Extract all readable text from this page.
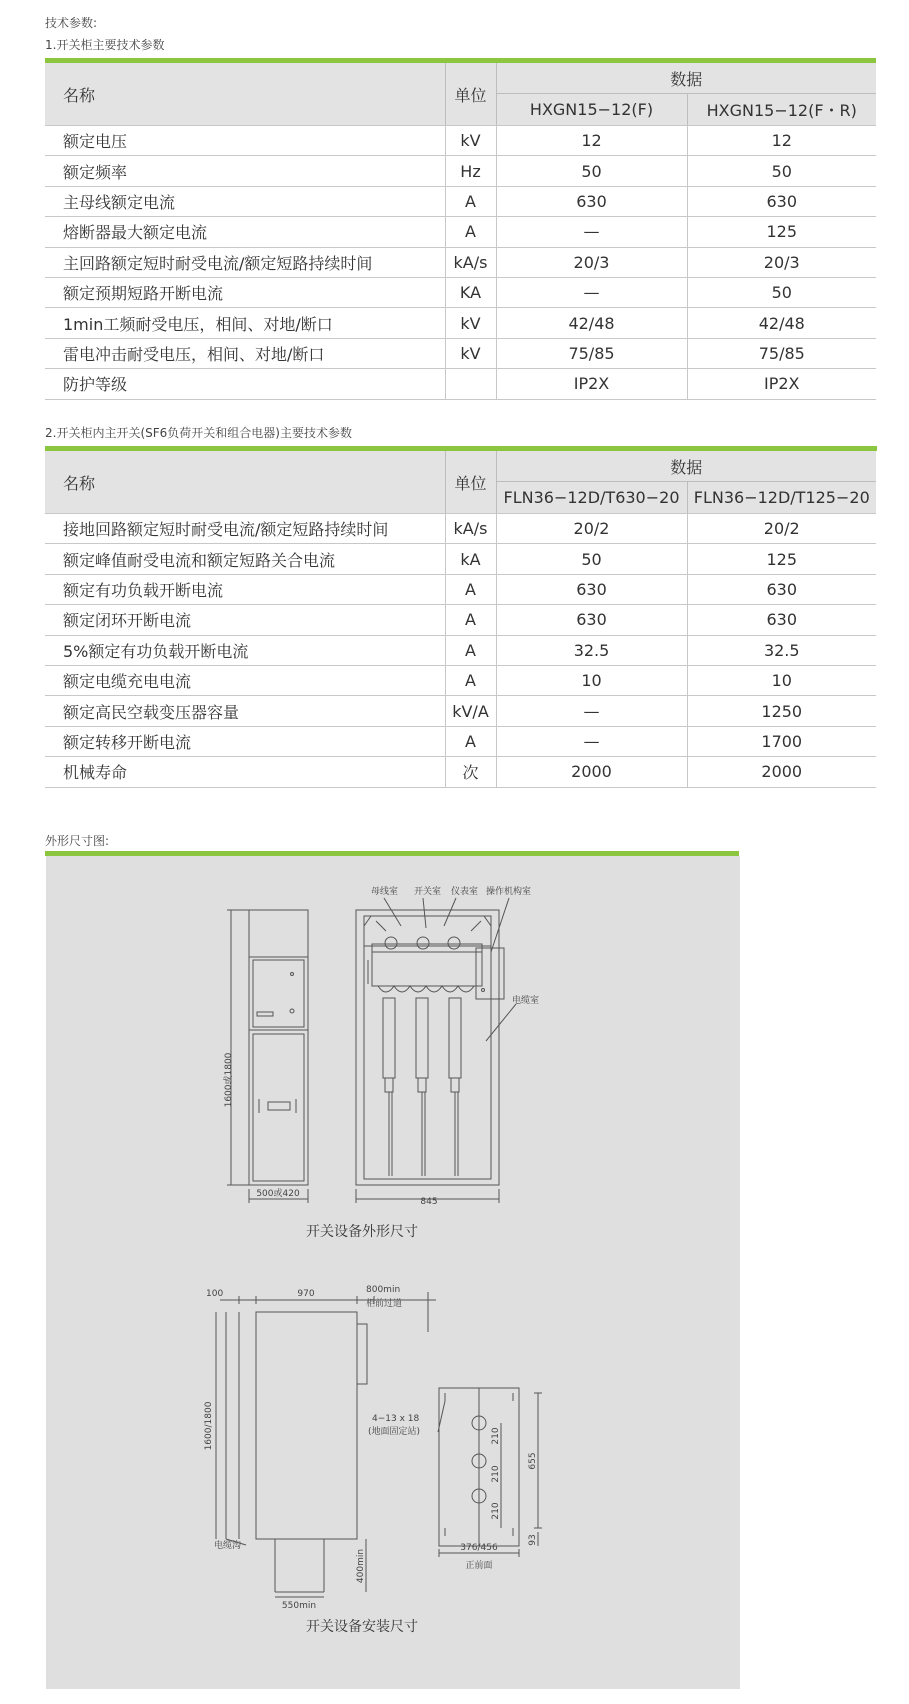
技术参数:
1.开关柜主要技术参数
名称	单位	数据	
		HXGN15−12(F)	HXGN15−12(F・R)
额定电压	kV	12	12
额定频率	Hz	50	50
主母线额定电流	A	630	630
熔断器最大额定电流	A	—	125
主回路额定短时耐受电流/额定短路持续时间	kA/s	20/3	20/3
额定预期短路开断电流	KA	—	50
1min工频耐受电压，相间、对地/断口	kV	42/48	42/48
雷电冲击耐受电压，相间、对地/断口	kV	75/85	75/85
防护等级		IP2X	IP2X
2.开关柜内主开关(SF6负荷开关和组合电器)主要技术参数
名称	单位	数据	
		FLN36−12D/T630−20	FLN36−12D/T125−20
接地回路额定短时耐受电流/额定短路持续时间	kA/s	20/2	20/2
额定峰值耐受电流和额定短路关合电流	kA	50	125
额定有功负载开断电流	A	630	630
额定闭环开断电流	A	630	630
5%额定有功负载开断电流	A	32.5	32.5
额定电缆充电电流	A	10	10
额定高民空载变压器容量	kV/A	—	1250
额定转移开断电流	A	—	1700
机械寿命	次	2000	2000
外形尺寸图:
母线室 开关室 仪表室 操作机构室
电缆室
1600或1800
500或420
845
100	970	800min
柜前过道
1600/1800	4−13 x 18
(地面固定站)	210
210
210
655
93
376/456
正前面
电缆沟
400min
550min
开关设备外形尺寸
开关设备安装尺寸
